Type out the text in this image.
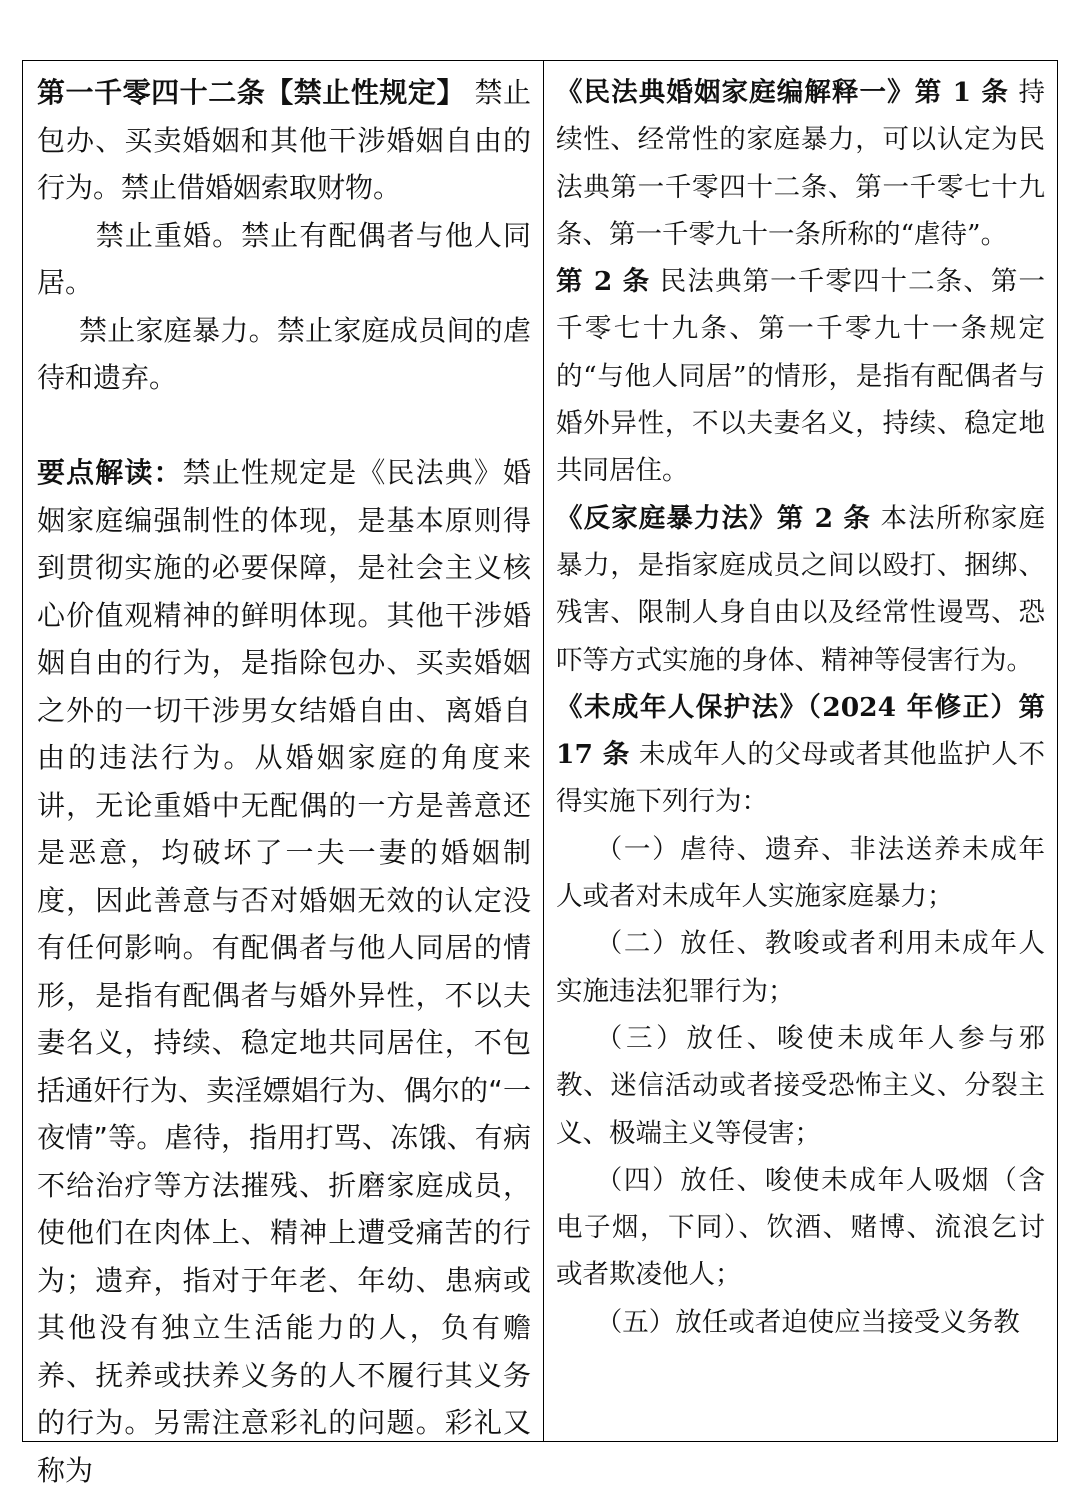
第一千零四十二条【禁止性规定】 禁止包办、买卖婚姻和其他干涉婚姻自由的行为。禁止借婚姻索取财物。

禁止重婚。禁止有配偶者与他人同居。

禁止家庭暴力。禁止家庭成员间的虐待和遗弃。

要点解读：禁止性规定是《民法典》婚姻家庭编强制性的体现，是基本原则得到贯彻实施的必要保障，是社会主义核心价值观精神的鲜明体现。其他干涉婚姻自由的行为，是指除包办、买卖婚姻之外的一切干涉男女结婚自由、离婚自由的违法行为。从婚姻家庭的角度来讲，无论重婚中无配偶的一方是善意还是恶意，均破坏了一夫一妻的婚姻制度，因此善意与否对婚姻无效的认定没有任何影响。有配偶者与他人同居的情形，是指有配偶者与婚外异性，不以夫妻名义，持续、稳定地共同居住，不包括通奸行为、卖淫嫖娼行为、偶尔的“一夜情”等。虐待，指用打骂、冻饿、有病不给治疗等方法摧残、折磨家庭成员，使他们在肉体上、精神上遭受痛苦的行为；遗弃，指对于年老、年幼、患病或其他没有独立生活能力的人，负有赡养、抚养或扶养义务的人不履行其义务的行为。另需注意彩礼的问题。彩礼又称为

《民法典婚姻家庭编解释一》第 1 条 持续性、经常性的家庭暴力，可以认定为民法典第一千零四十二条、第一千零七十九条、第一千零九十一条所称的“虐待”。

第 2 条 民法典第一千零四十二条、第一千零七十九条、第一千零九十一条规定的“与他人同居”的情形，是指有配偶者与婚外异性，不以夫妻名义，持续、稳定地共同居住。

《反家庭暴力法》第 2 条 本法所称家庭暴力，是指家庭成员之间以殴打、捆绑、残害、限制人身自由以及经常性谩骂、恐吓等方式实施的身体、精神等侵害行为。

《未成年人保护法》（2024 年修正）第 17 条 未成年人的父母或者其他监护人不得实施下列行为：

（一）虐待、遗弃、非法送养未成年人或者对未成年人实施家庭暴力；

（二）放任、教唆或者利用未成年人实施违法犯罪行为；

（三）放任、唆使未成年人参与邪教、迷信活动或者接受恐怖主义、分裂主义、极端主义等侵害；

（四）放任、唆使未成年人吸烟（含电子烟，下同）、饮酒、赌博、流浪乞讨或者欺凌他人；

（五）放任或者迫使应当接受义务教
